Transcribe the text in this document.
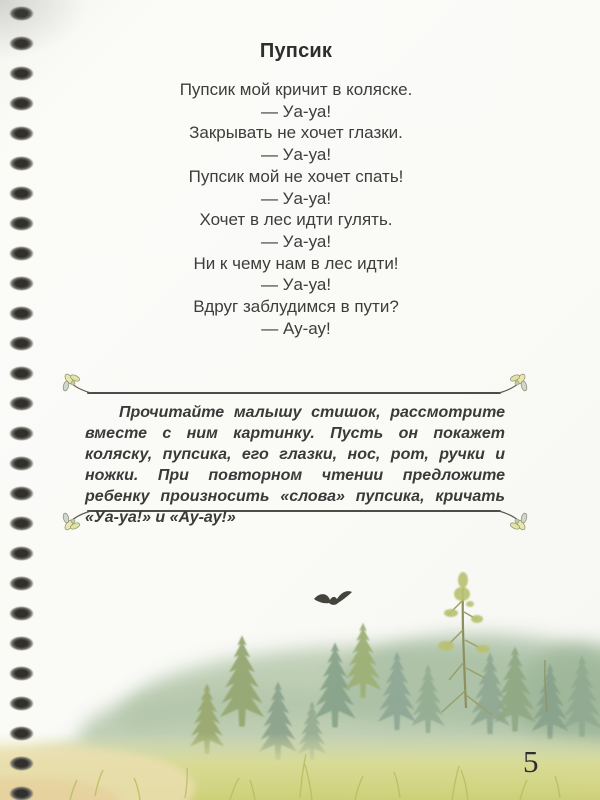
Пупсик
Пупсик мой кричит в коляске.
— Уа-уа!
Закрывать не хочет глазки.
— Уа-уа!
Пупсик мой не хочет спать!
— Уа-уа!
Хочет в лес идти гулять.
— Уа-уа!
Ни к чему нам в лес идти!
— Уа-уа!
Вдруг заблудимся в пути?
— Ау-ау!

Прочитайте малышу стишок, рассмотрите вместе с ним картинку. Пусть он покажет коляску, пупсика, его глазки, нос, рот, ручки и ножки. При повторном чтении предложите ребенку произносить «слова» пупсика, кричать «Уа-уа!» и «Ау-ау!»

5
